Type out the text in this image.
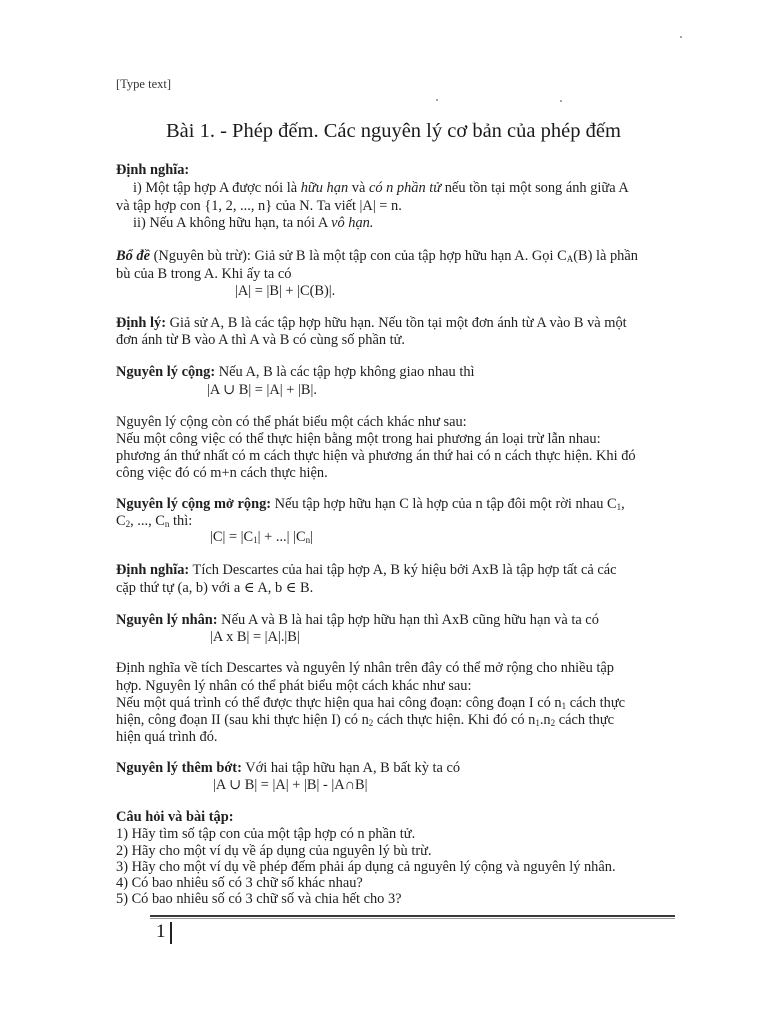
[Type text]
Bài 1. - Phép đếm. Các nguyên lý cơ bản của phép đếm
Định nghĩa:
i) Một tập hợp A được nói là hữu hạn và có n phần tử nếu tồn tại một song ánh giữa A
và tập hợp con {1, 2, ..., n} của N. Ta viết |A| = n.
ii) Nếu A không hữu hạn, ta nói A vô hạn.
Bổ đề (Nguyên bù trừ): Giả sử B là một tập con của tập hợp hữu hạn A. Gọi $C_A(B)$ là phần
bù của B trong A. Khi ấy ta có
|A| = |B| + |C(B)|.
Định lý: Giả sử A, B là các tập hợp hữu hạn. Nếu tồn tại một đơn ánh từ A vào B và một
đơn ánh từ B vào A thì A và B có cùng số phần tử.
Nguyên lý cộng: Nếu A, B là các tập hợp không giao nhau thì
|A ∪ B| = |A| + |B|.
Nguyên lý cộng còn có thể phát biểu một cách khác như sau:
Nếu một công việc có thể thực hiện bằng một trong hai phương án loại trừ lẫn nhau:
phương án thứ nhất có m cách thực hiện và phương án thứ hai có n cách thực hiện. Khi đó
công việc đó có m+n cách thực hiện.
Nguyên lý cộng mở rộng: Nếu tập hợp hữu hạn C là hợp của n tập đôi một rời nhau $C_1$,
$C_2$, ..., $C_n$ thì:
$|C| = |C_1|$ + ...| $|C_n|$
Định nghĩa: Tích Descartes của hai tập hợp A, B ký hiệu bởi AxB là tập hợp tất cả các
cặp thứ tự (a, b) với a ∈ A, b ∈ B.
Nguyên lý nhân: Nếu A và B là hai tập hợp hữu hạn thì AxB cũng hữu hạn và ta có
|A x B| = |A|.|B|
Định nghĩa về tích Descartes và nguyên lý nhân trên đây có thể mở rộng cho nhiều tập
hợp. Nguyên lý nhân có thể phát biểu một cách khác như sau:
Nếu một quá trình có thể được thực hiện qua hai công đoạn: công đoạn I có $n_1$ cách thực
hiện, công đoạn II (sau khi thực hiện I) có $n_2$ cách thực hiện. Khi đó có $n_1.n_2$ cách thực
hiện quá trình đó.
Nguyên lý thêm bớt: Với hai tập hữu hạn A, B bất kỳ ta có
|A ∪ B| = |A| + |B| - |A∩B|
Câu hỏi và bài tập:
1) Hãy tìm số tập con của một tập hợp có n phần tử.
2) Hãy cho một ví dụ về áp dụng của nguyên lý bù trừ.
3) Hãy cho một ví dụ về phép đếm phải áp dụng cả nguyên lý cộng và nguyên lý nhân.
4) Có bao nhiêu số có 3 chữ số khác nhau?
5) Có bao nhiêu số có 3 chữ số và chia hết cho 3?
1
